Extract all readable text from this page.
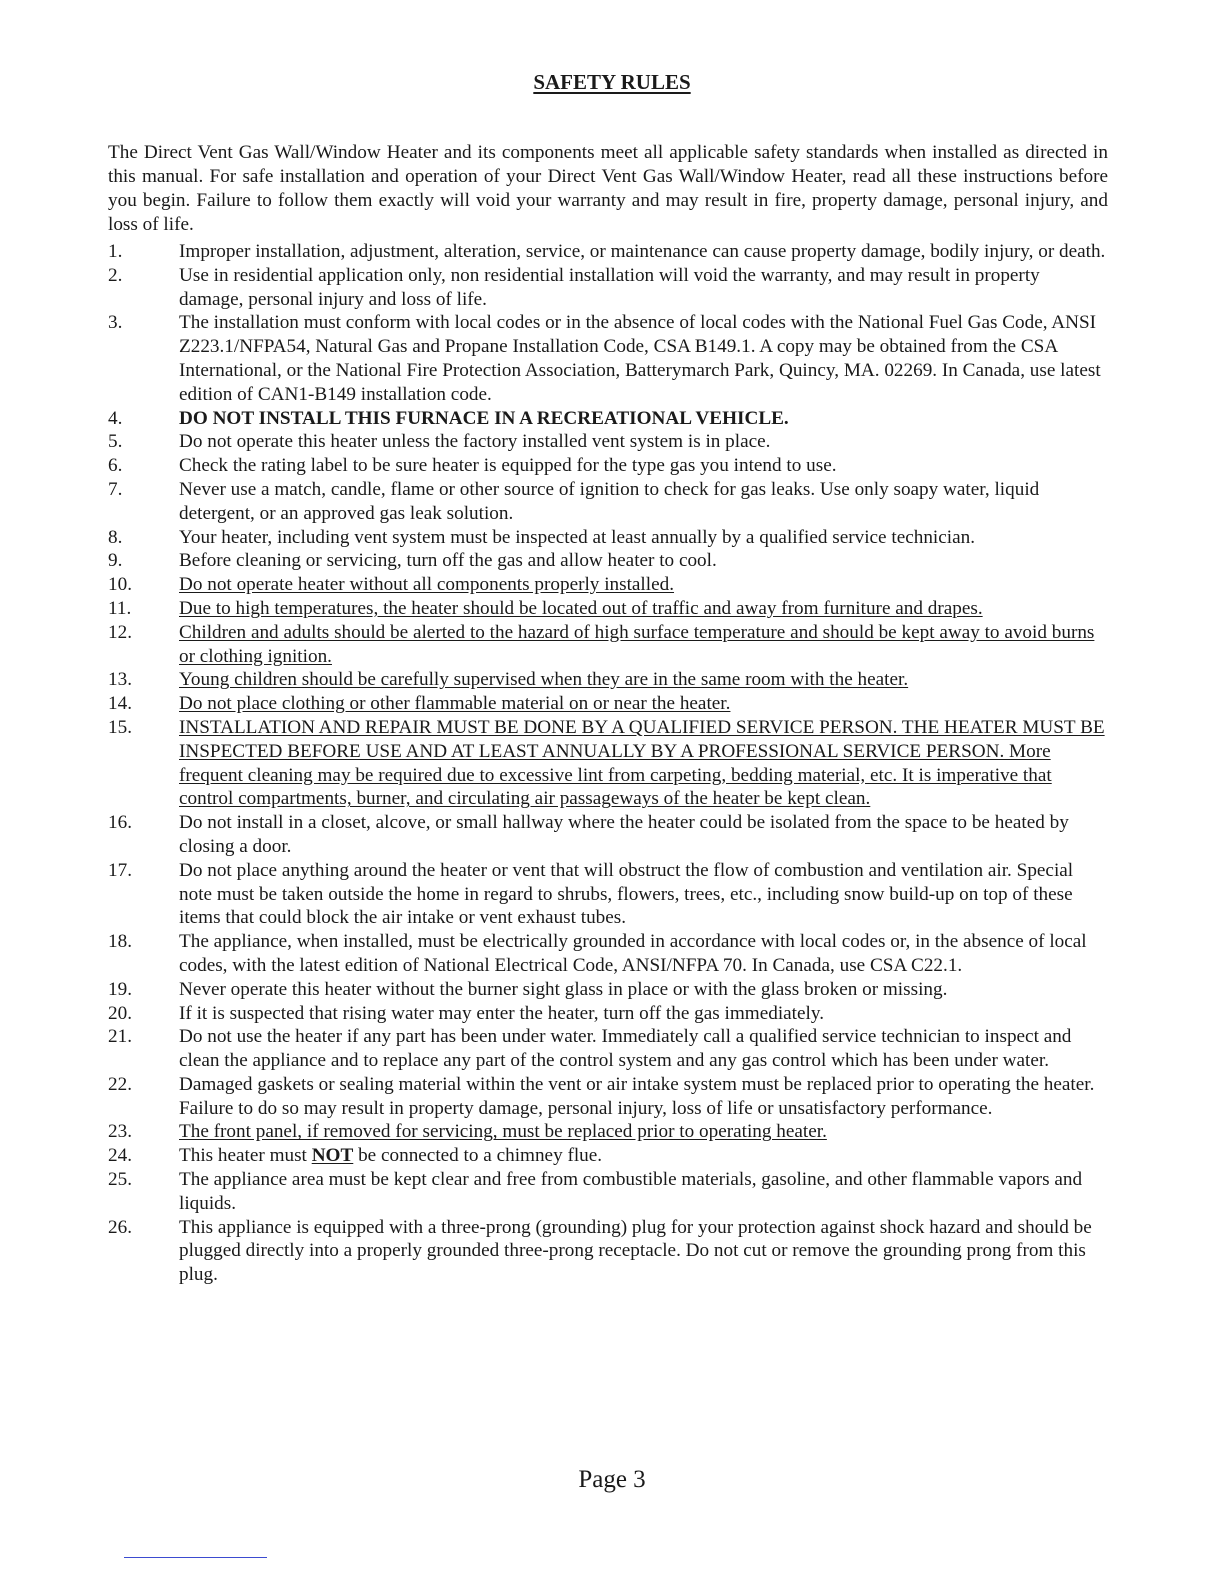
SAFETY RULES

The Direct Vent Gas Wall/Window Heater and its components meet all applicable safety standards when installed as directed in this manual. For safe installation and operation of your Direct Vent Gas Wall/Window Heater, read all these instructions before you begin. Failure to follow them exactly will void your warranty and may result in fire, property damage, personal injury, and loss of life.

1.	Improper installation, adjustment, alteration, service, or maintenance can cause property damage, bodily injury, or death.
2.	Use in residential application only, non residential installation will void the warranty, and may result in property damage, personal injury and loss of life.
3.	The installation must conform with local codes or in the absence of local codes with the National Fuel Gas Code, ANSI Z223.1/NFPA54, Natural Gas and Propane Installation Code, CSA B149.1. A copy may be obtained from the CSA International, or the National Fire Protection Association, Batterymarch Park, Quincy, MA. 02269. In Canada, use latest edition of CAN1-B149 installation code.
4.	DO NOT INSTALL THIS FURNACE IN A RECREATIONAL VEHICLE.
5.	Do not operate this heater unless the factory installed vent system is in place.
6.	Check the rating label to be sure heater is equipped for the type gas you intend to use.
7.	Never use a match, candle, flame or other source of ignition to check for gas leaks. Use only soapy water, liquid detergent, or an approved gas leak solution.
8.	Your heater, including vent system must be inspected at least annually by a qualified service technician.
9.	Before cleaning or servicing, turn off the gas and allow heater to cool.
10.	Do not operate heater without all components properly installed.
11.	Due to high temperatures, the heater should be located out of traffic and away from furniture and drapes.
12.	Children and adults should be alerted to the hazard of high surface temperature and should be kept away to avoid burns or clothing ignition.
13.	Young children should be carefully supervised when they are in the same room with the heater.
14.	Do not place clothing or other flammable material on or near the heater.
15.	INSTALLATION AND REPAIR MUST BE DONE BY A QUALIFIED SERVICE PERSON. THE HEATER MUST BE INSPECTED BEFORE USE AND AT LEAST ANNUALLY BY A PROFESSIONAL SERVICE PERSON. More frequent cleaning may be required due to excessive lint from carpeting, bedding material, etc. It is imperative that control compartments, burner, and circulating air passageways of the heater be kept clean.
16.	Do not install in a closet, alcove, or small hallway where the heater could be isolated from the space to be heated by closing a door.
17.	Do not place anything around the heater or vent that will obstruct the flow of combustion and ventilation air. Special note must be taken outside the home in regard to shrubs, flowers, trees, etc., including snow build-up on top of these items that could block the air intake or vent exhaust tubes.
18.	The appliance, when installed, must be electrically grounded in accordance with local codes or, in the absence of local codes, with the latest edition of National Electrical Code, ANSI/NFPA 70. In Canada, use CSA C22.1.
19.	Never operate this heater without the burner sight glass in place or with the glass broken or missing.
20.	If it is suspected that rising water may enter the heater, turn off the gas immediately.
21.	Do not use the heater if any part has been under water. Immediately call a qualified service technician to inspect and clean the appliance and to replace any part of the control system and any gas control which has been under water.
22.	Damaged gaskets or sealing material within the vent or air intake system must be replaced prior to operating the heater. Failure to do so may result in property damage, personal injury, loss of life or unsatisfactory performance.
23.	The front panel, if removed for servicing, must be replaced prior to operating heater.
24.	This heater must NOT be connected to a chimney flue.
25.	The appliance area must be kept clear and free from combustible materials, gasoline, and other flammable vapors and liquids.
26.	This appliance is equipped with a three-prong (grounding) plug for your protection against shock hazard and should be plugged directly into a properly grounded three-prong receptacle. Do not cut or remove the grounding prong from this plug.
Page 3
